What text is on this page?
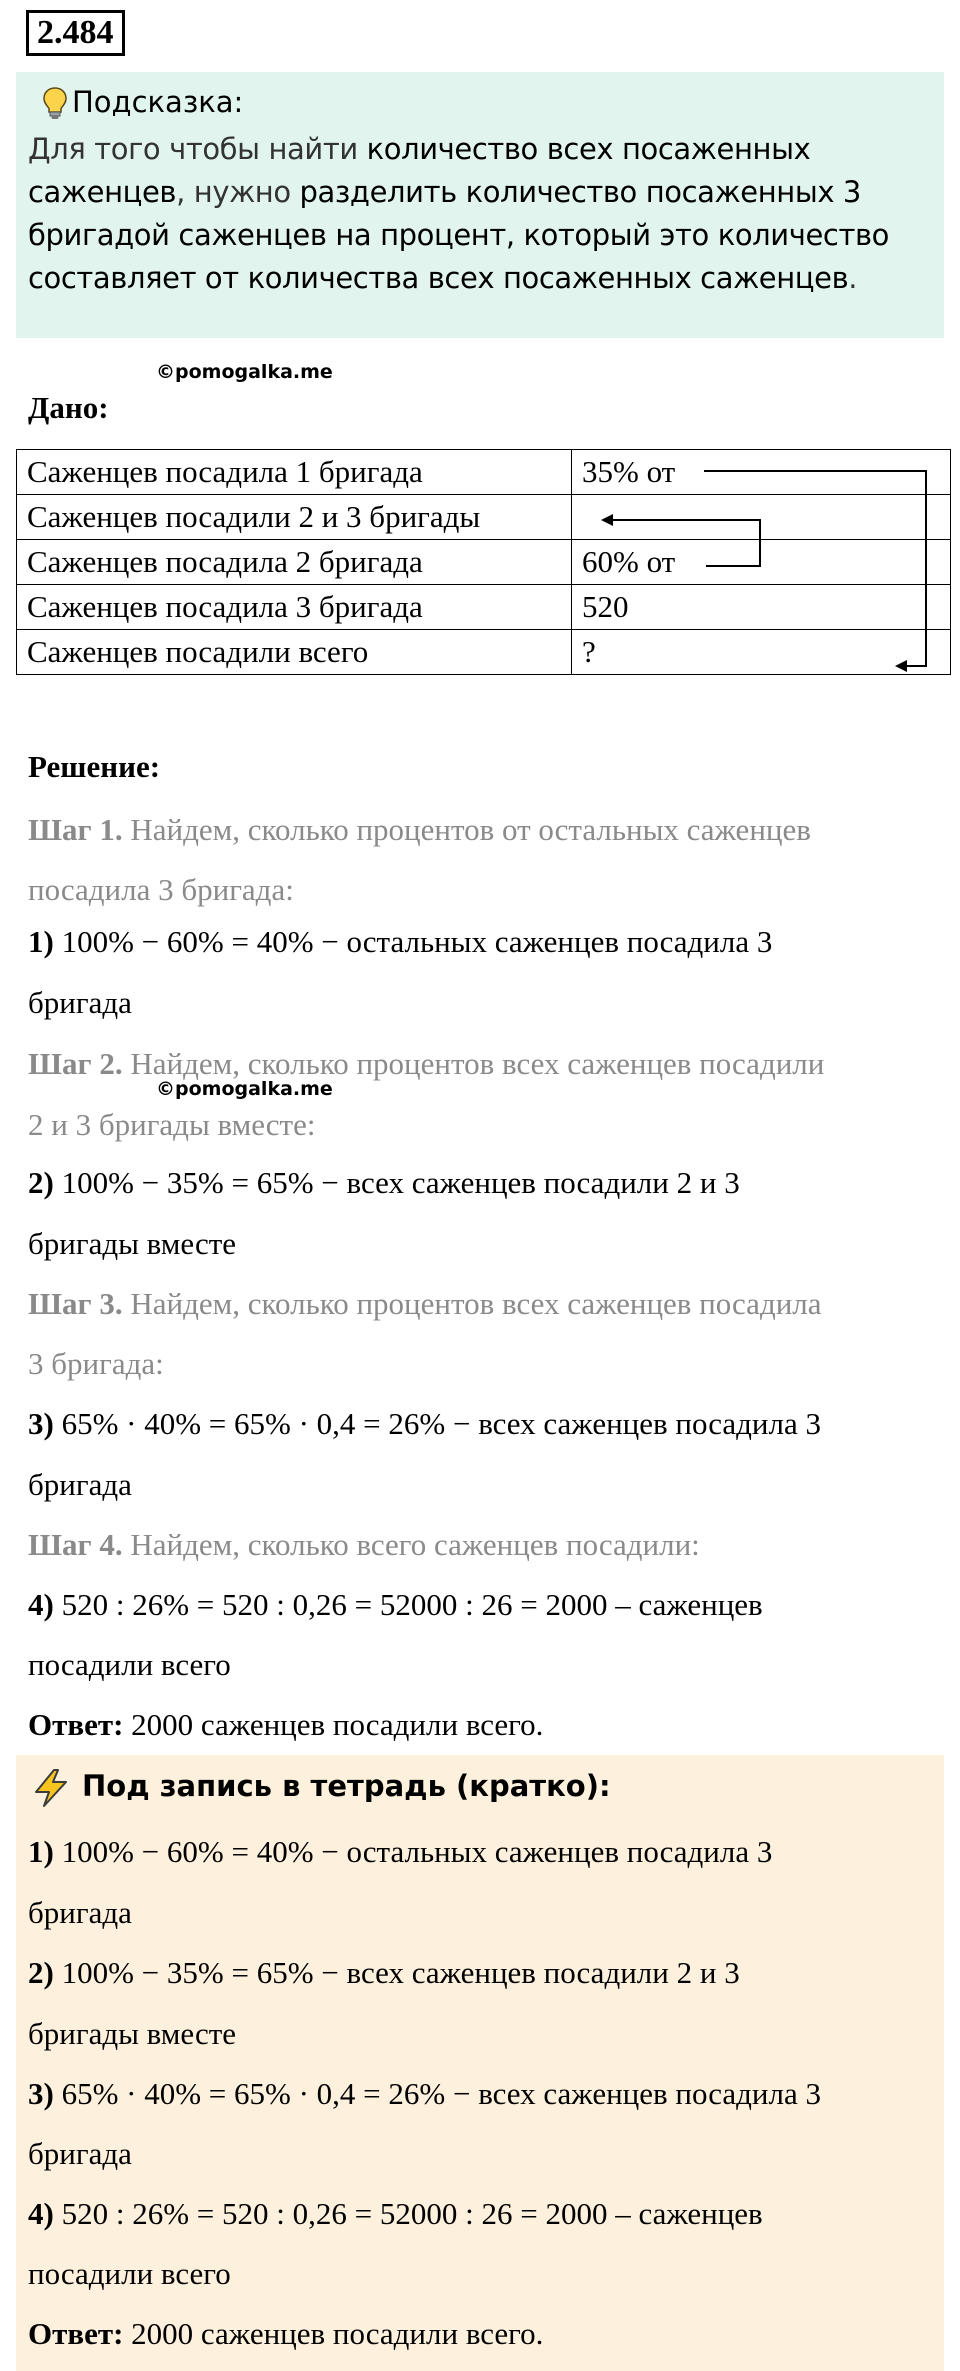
2.484
Подсказка:
Для того чтобы найти количество всех посаженных саженцев, нужно разделить количество посаженных 3 бригадой саженцев на процент, который это количество составляет от количества всех посаженных саженцев.
©pomogalka.me
Дано:
Саженцев посадила 1 бригада	35% от
Саженцев посадили 2 и 3 бригады	
Саженцев посадила 2 бригада	60% от
Саженцев посадила 3 бригада	520
Саженцев посадили всего	?
Решение:
Шаг 1. Найдем, сколько процентов от остальных саженцев
посадила 3 бригада:
1) 100% − 60% = 40% − остальных саженцев посадила 3
бригада
Шаг 2. Найдем, сколько процентов всех саженцев посадили
©pomogalka.me
2 и 3 бригады вместе:
2) 100% − 35% = 65% − всех саженцев посадили 2 и 3
бригады вместе
Шаг 3. Найдем, сколько процентов всех саженцев посадила
3 бригада:
3) 65% · 40% = 65% · 0,4 = 26% − всех саженцев посадила 3
бригада
Шаг 4. Найдем, сколько всего саженцев посадили:
4) 520 : 26% = 520 : 0,26 = 52000 : 26 = 2000 – саженцев
посадили всего
Ответ: 2000 саженцев посадили всего.
Под запись в тетрадь (кратко):
1) 100% − 60% = 40% − остальных саженцев посадила 3
бригада
2) 100% − 35% = 65% − всех саженцев посадили 2 и 3
бригады вместе
3) 65% · 40% = 65% · 0,4 = 26% − всех саженцев посадила 3
бригада
4) 520 : 26% = 520 : 0,26 = 52000 : 26 = 2000 – саженцев
посадили всего
Ответ: 2000 саженцев посадили всего.
